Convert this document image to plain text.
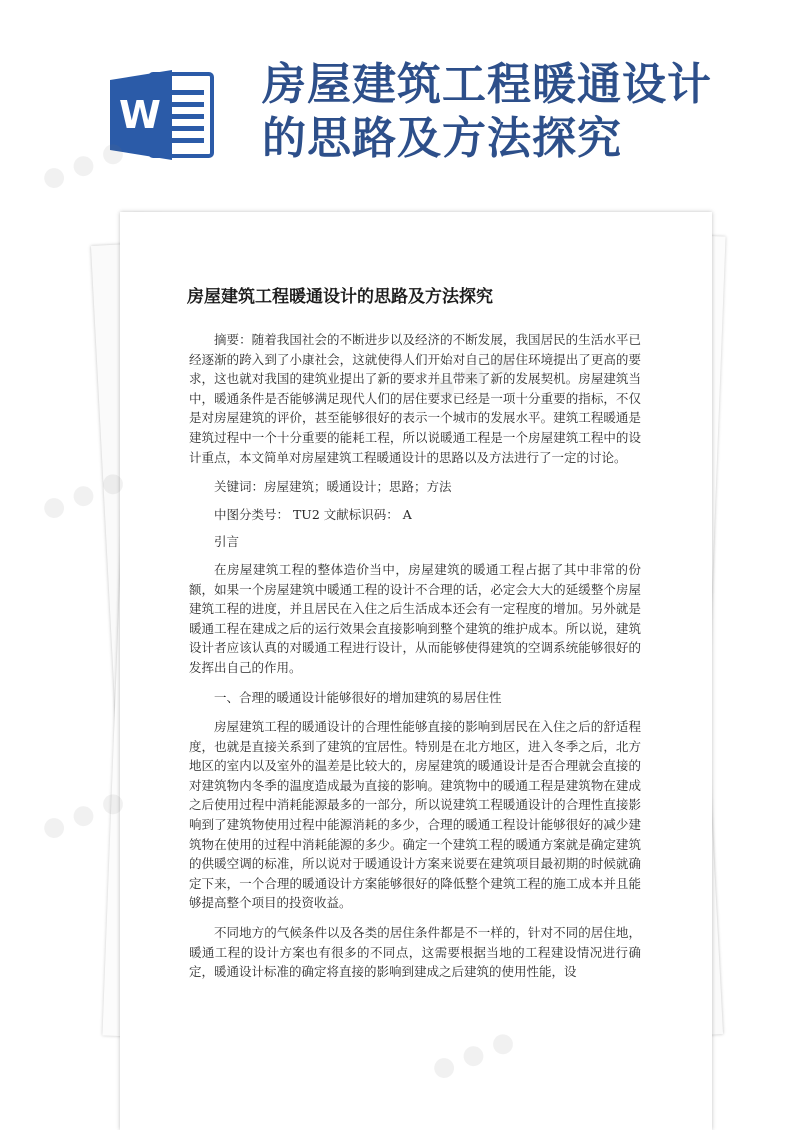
W
房屋建筑工程暖通设计
的思路及方法探究
房屋建筑工程暖通设计的思路及方法探究

摘要：随着我国社会的不断进步以及经济的不断发展，我国居民的生活水平已经逐渐的跨入到了小康社会，这就使得人们开始对自己的居住环境提出了更高的要求，这也就对我国的建筑业提出了新的要求并且带来了新的发展契机。房屋建筑当中，暖通条件是否能够满足现代人们的居住要求已经是一项十分重要的指标，不仅是对房屋建筑的评价，甚至能够很好的表示一个城市的发展水平。建筑工程暖通是建筑过程中一个十分重要的能耗工程，所以说暖通工程是一个房屋建筑工程中的设计重点，本文简单对房屋建筑工程暖通设计的思路以及方法进行了一定的讨论。

关键词：房屋建筑；暖通设计；思路；方法

中图分类号： TU2 文献标识码： A

引言

在房屋建筑工程的整体造价当中，房屋建筑的暖通工程占据了其中非常的份额，如果一个房屋建筑中暖通工程的设计不合理的话，必定会大大的延缓整个房屋建筑工程的进度，并且居民在入住之后生活成本还会有一定程度的增加。另外就是暖通工程在建成之后的运行效果会直接影响到整个建筑的维护成本。所以说，建筑设计者应该认真的对暖通工程进行设计，从而能够使得建筑的空调系统能够很好的发挥出自己的作用。

一、合理的暖通设计能够很好的增加建筑的易居住性

房屋建筑工程的暖通设计的合理性能够直接的影响到居民在入住之后的舒适程度，也就是直接关系到了建筑的宜居性。特别是在北方地区，进入冬季之后，北方地区的室内以及室外的温差是比较大的，房屋建筑的暖通设计是否合理就会直接的对建筑物内冬季的温度造成最为直接的影响。建筑物中的暖通工程是建筑物在建成之后使用过程中消耗能源最多的一部分，所以说建筑工程暖通设计的合理性直接影响到了建筑物使用过程中能源消耗的多少，合理的暖通工程设计能够很好的减少建筑物在使用的过程中消耗能源的多少。确定一个建筑工程的暖通方案就是确定建筑的供暖空调的标准，所以说对于暖通设计方案来说要在建筑项目最初期的时候就确定下来，一个合理的暖通设计方案能够很好的降低整个建筑工程的施工成本并且能够提高整个项目的投资收益。

不同地方的气候条件以及各类的居住条件都是不一样的，针对不同的居住地，暖通工程的设计方案也有很多的不同点，这需要根据当地的工程建设情况进行确定，暖通设计标准的确定将直接的影响到建成之后建筑的使用性能，设

● ● ●
● ● ●
● ● ●
